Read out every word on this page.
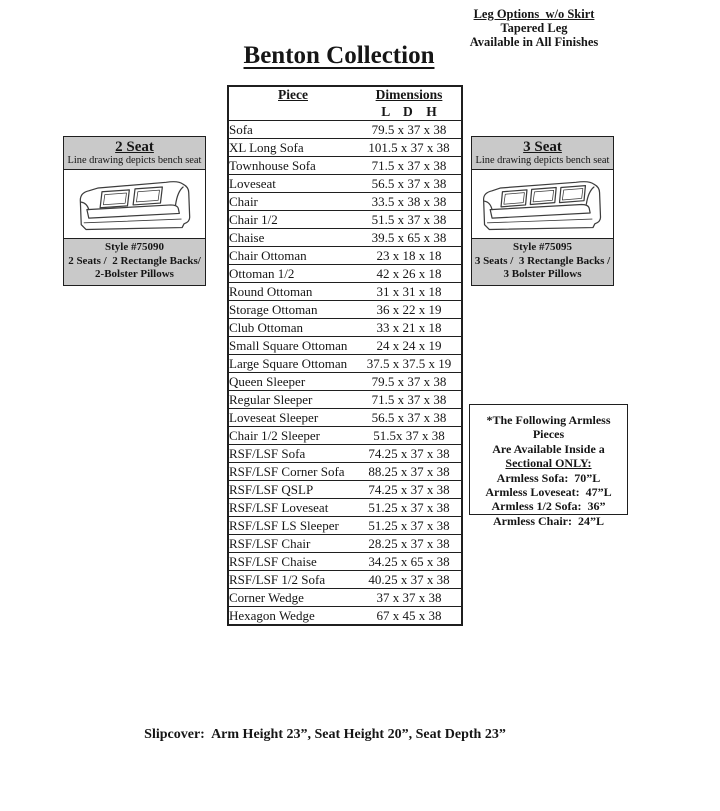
Leg Options  w/o Skirt
Tapered Leg
Available in All Finishes
Benton Collection
Piece	Dimensions
L    D    H

Sofa	79.5 x 37 x 38
XL Long Sofa	101.5 x 37 x 38
Townhouse Sofa	71.5 x 37 x 38
Loveseat	56.5 x 37 x 38
Chair	33.5 x 38 x 38
Chair 1/2	51.5 x 37 x 38
Chaise	39.5 x 65 x 38
Chair Ottoman	23 x 18 x 18
Ottoman 1/2	42 x 26 x 18
Round Ottoman	31 x 31 x 18
Storage Ottoman	36 x 22 x 19
Club Ottoman	33 x 21 x 18
Small Square Ottoman	24 x 24 x 19
Large Square Ottoman	37.5 x 37.5 x 19
Queen Sleeper	79.5 x 37 x 38
Regular Sleeper	71.5 x 37 x 38
Loveseat Sleeper	56.5 x 37 x 38
Chair 1/2 Sleeper	51.5x 37 x 38
RSF/LSF Sofa	74.25 x 37 x 38
RSF/LSF Corner Sofa	88.25 x 37 x 38
RSF/LSF QSLP	74.25 x 37 x 38
RSF/LSF Loveseat	51.25 x 37 x 38
RSF/LSF LS Sleeper	51.25 x 37 x 38
RSF/LSF Chair	28.25 x 37 x 38
RSF/LSF Chaise	34.25 x 65 x 38
RSF/LSF 1/2 Sofa	40.25 x 37 x 38
Corner Wedge	37 x 37 x 38
Hexagon Wedge	67 x 45 x 38
2 Seat
Line drawing depicts bench seat
Style #75090
2 Seats /  2 Rectangle Backs/
2-Bolster Pillows
3 Seat
Line drawing depicts bench seat
Style #75095
3 Seats /  3 Rectangle Backs /
3 Bolster Pillows
*The Following Armless Pieces
Are Available Inside a
Sectional ONLY:
Armless Sofa:  70”L
Armless Loveseat:  47”L
Armless 1/2 Sofa:  36”
Armless Chair:  24”L
Slipcover:  Arm Height 23”, Seat Height 20”, Seat Depth 23”
